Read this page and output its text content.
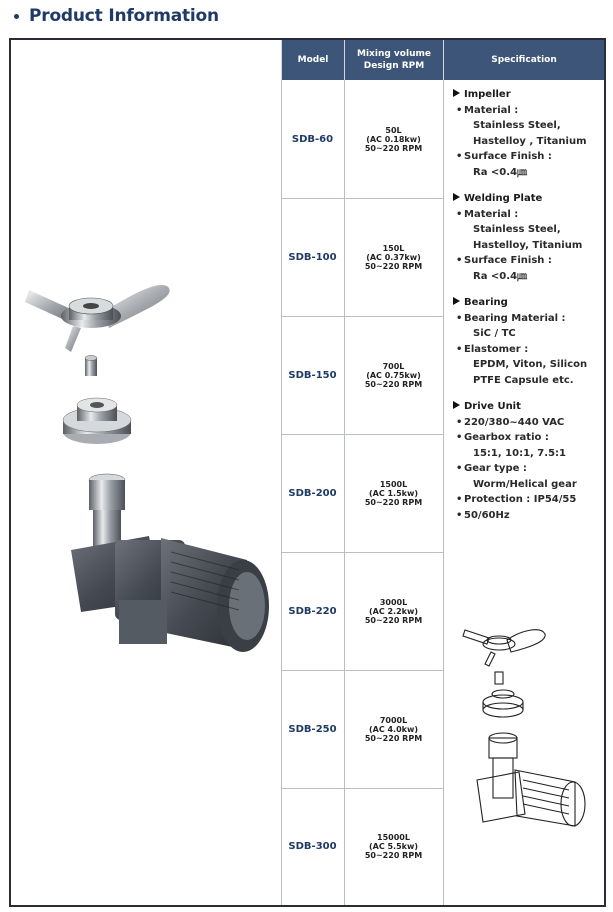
Product Information
Model
Mixing volume
Design RPM
Specification
SDB-60
50L
(AC 0.18kw)
50~220 RPM
SDB-100
150L
(AC 0.37kw)
50~220 RPM
SDB-150
700L
(AC 0.75kw)
50~220 RPM
SDB-200
1500L
(AC 1.5kw)
50~220 RPM
SDB-220
3000L
(AC 2.2kw)
50~220 RPM
SDB-250
7000L
(AC 4.0kw)
50~220 RPM
SDB-300
15000L
(AC 5.5kw)
50~220 RPM
Impeller
• Material :
Stainless Steel,
Hastelloy , Titanium
• Surface Finish :
Ra <0.4㎛
Welding Plate
• Material :
Stainless Steel,
Hastelloy, Titanium
• Surface Finish :
Ra <0.4㎛
Bearing
• Bearing Material :
SiC / TC
• Elastomer :
EPDM, Viton, Silicon
PTFE Capsule etc.
Drive Unit
• 220/380~440 VAC
• Gearbox ratio :
15:1, 10:1, 7.5:1
• Gear type :
Worm/Helical gear
• Protection : IP54/55
• 50/60Hz
